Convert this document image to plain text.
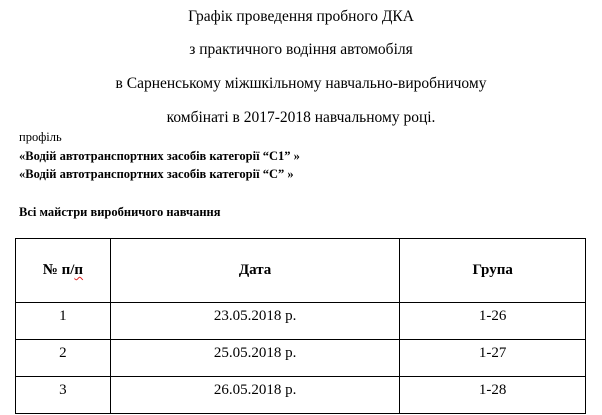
Графік проведення пробного ДКА
з практичного водіння автомобіля
в Сарненському міжшкільному навчально-виробничому
комбінаті в 2017-2018 навчальному році.
профіль
«Водій автотранспортних засобів категорії “С1” »
«Водій автотранспортних засобів категорії “С” »
Всі майстри виробничого навчання
№ п/п	Дата	Група
1	23.05.2018 р.	1-26
2	25.05.2018 р.	1-27
3	26.05.2018 р.	1-28
